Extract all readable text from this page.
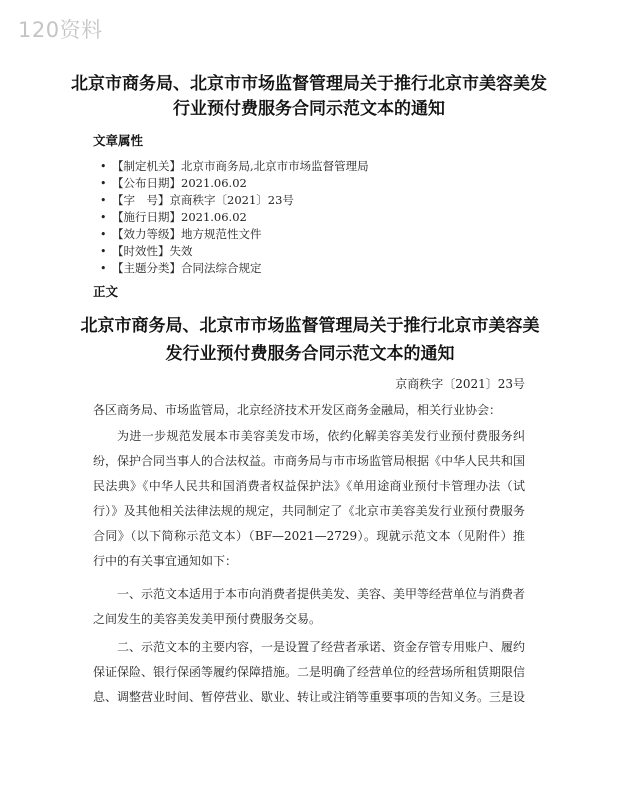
120资料
北京市商务局、北京市市场监督管理局关于推行北京市美容美发行业预付费服务合同示范文本的通知
文章属性
• 【制定机关】北京市商务局,北京市市场监督管理局
• 【公布日期】2021.06.02
• 【字　号】京商秩字〔2021〕23号
• 【施行日期】2021.06.02
• 【效力等级】地方规范性文件
• 【时效性】失效
• 【主题分类】合同法综合规定
正文
北京市商务局、北京市市场监督管理局关于推行北京市美容美发行业预付费服务合同示范文本的通知
京商秩字〔2021〕23号

各区商务局、市场监管局，北京经济技术开发区商务金融局，相关行业协会：

为进一步规范发展本市美容美发市场，依约化解美容美发行业预付费服务纠纷，保护合同当事人的合法权益。市商务局与市市场监管局根据《中华人民共和国民法典》《中华人民共和国消费者权益保护法》《单用途商业预付卡管理办法（试行）》及其他相关法律法规的规定，共同制定了《北京市美容美发行业预付费服务合同》（以下简称示范文本）（BF—2021—2729）。现就示范文本（见附件）推行中的有关事宜通知如下：

一、示范文本适用于本市向消费者提供美发、美容、美甲等经营单位与消费者之间发生的美容美发美甲预付费服务交易。

二、示范文本的主要内容，一是设置了经营者承诺、资金存管专用账户、履约保证保险、银行保函等履约保障措施。二是明确了经营单位的经营场所租赁期限信息、调整营业时间、暂停营业、歇业、转让或注销等重要事项的告知义务。三是设
